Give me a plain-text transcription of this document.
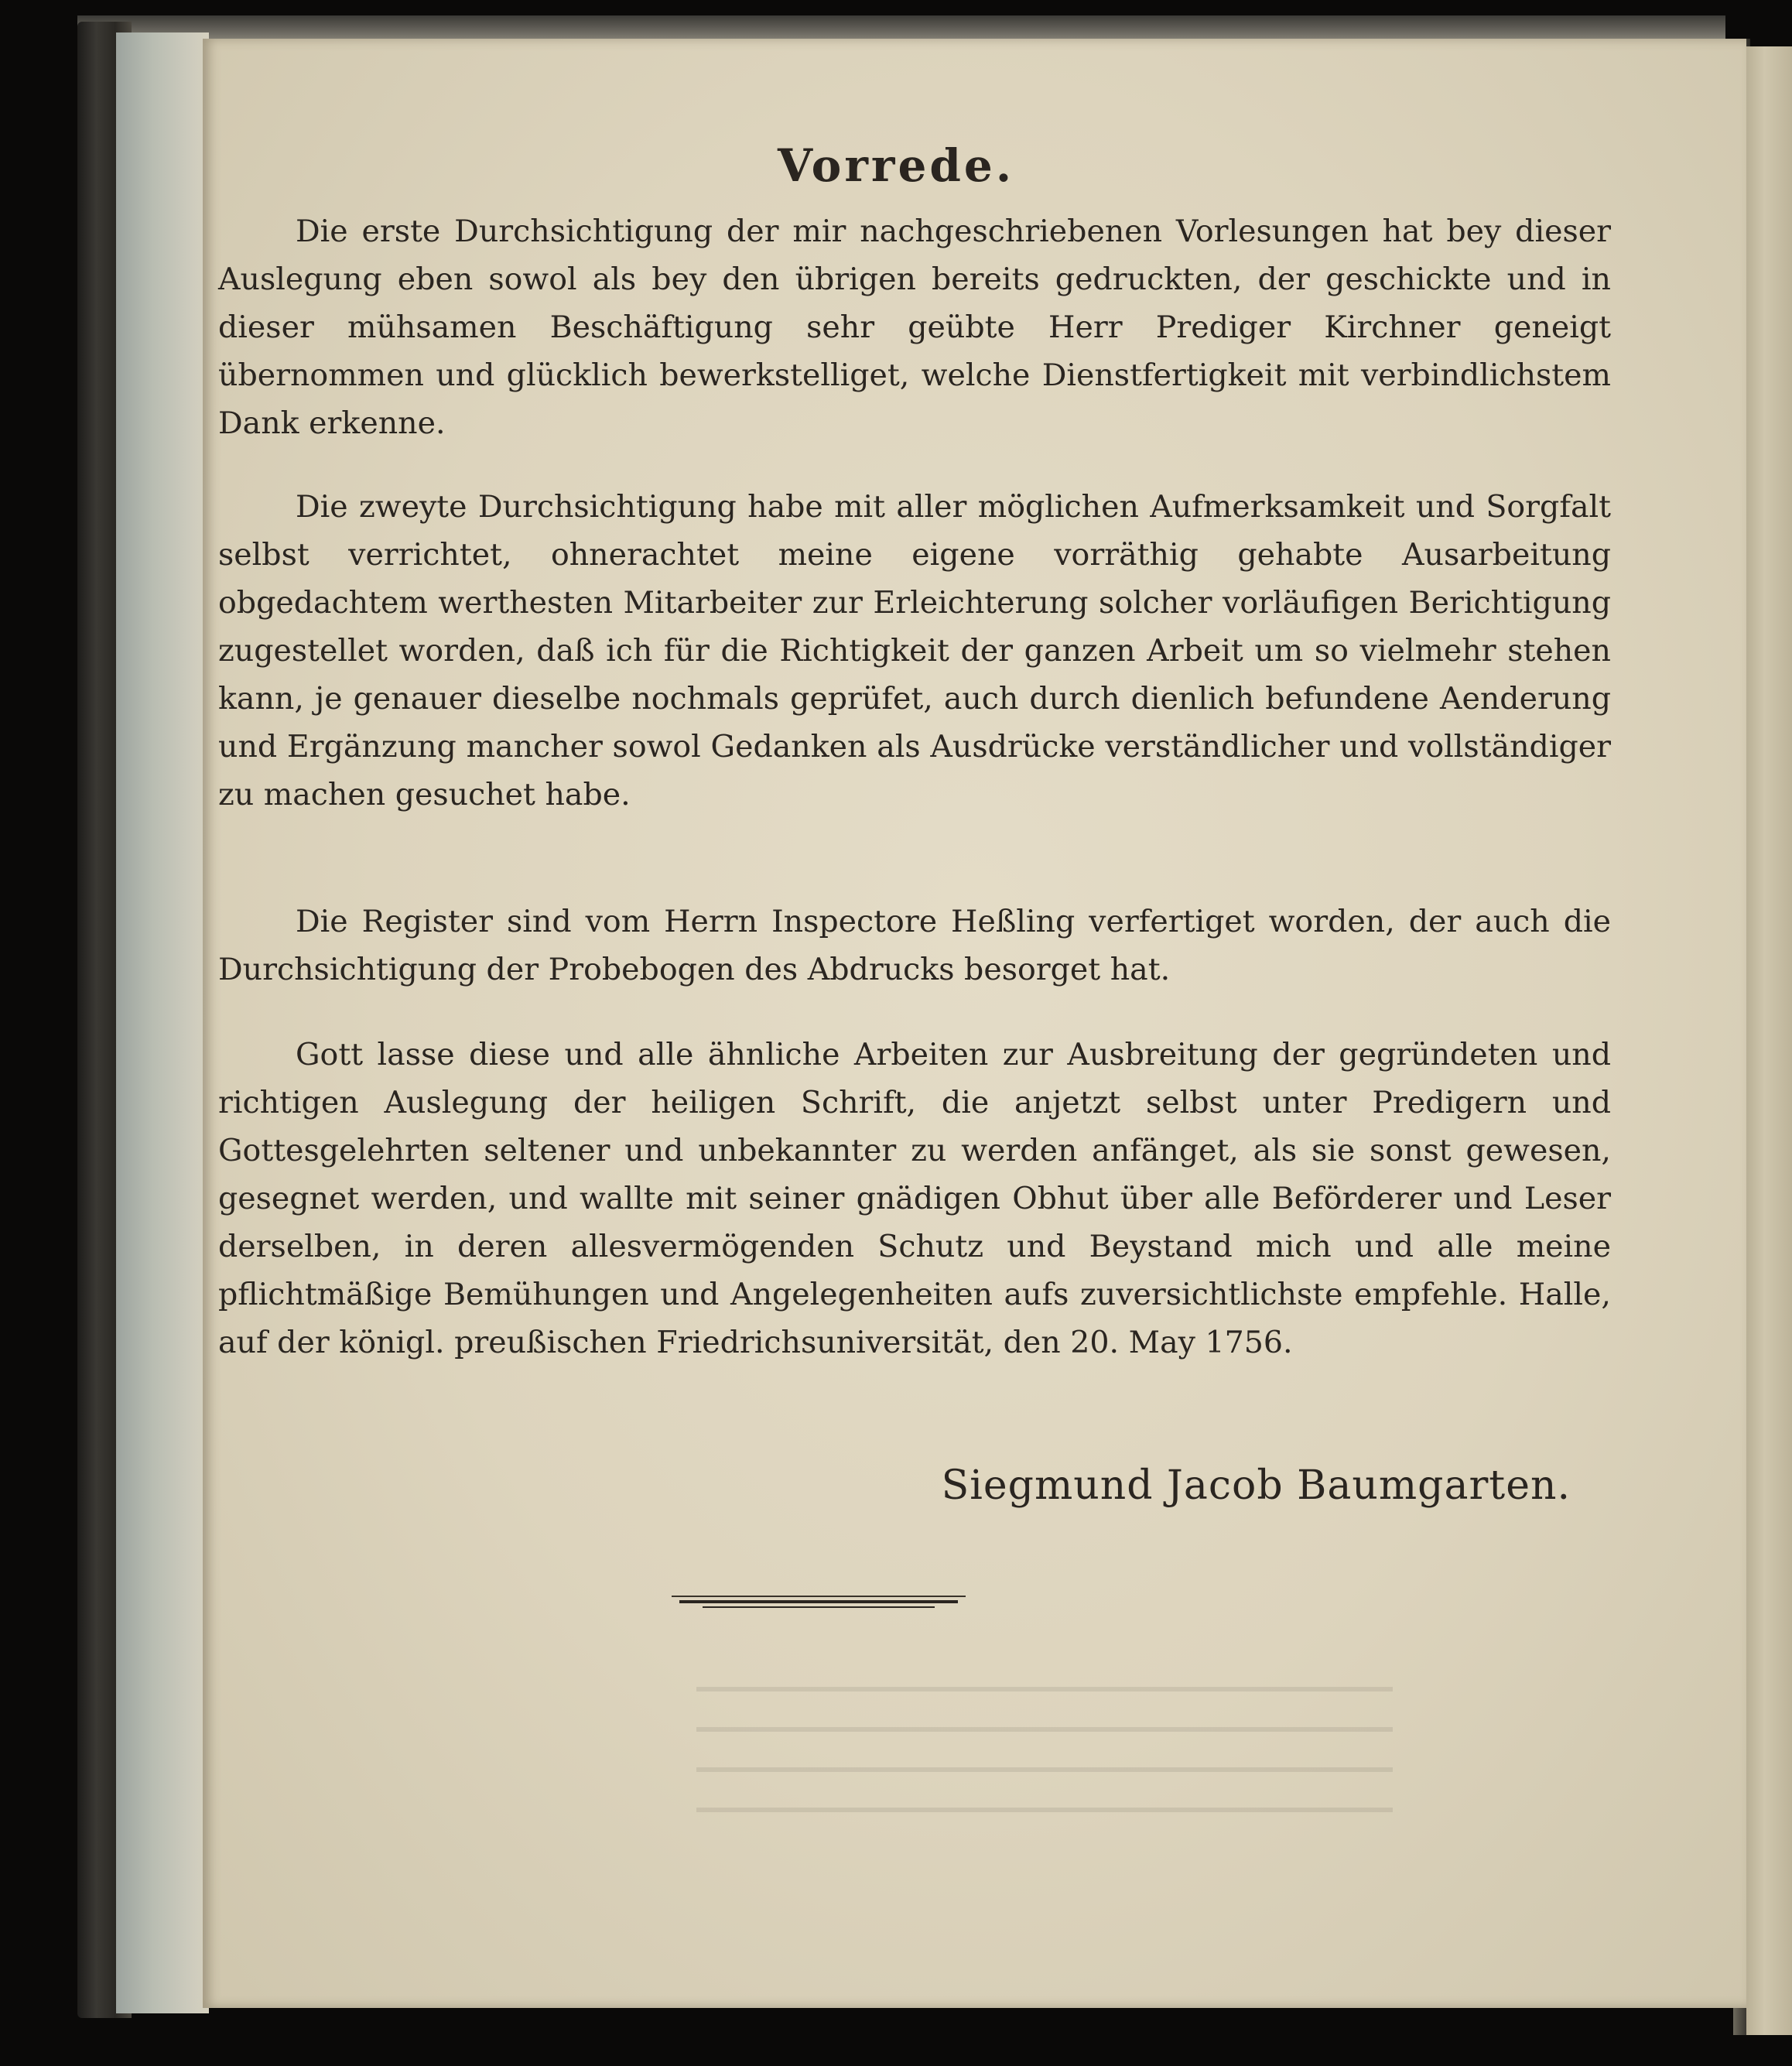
Vorrede.

Die erste Durchsichtigung der mir nachgeschriebenen Vorlesungen hat bey dieser Auslegung eben sowol als bey den übrigen bereits gedruckten, der geschickte und in dieser mühsamen Beschäftigung sehr geübte Herr Prediger Kirchner geneigt übernommen und glücklich bewerkstelliget, welche Dienstfertigkeit mit verbindlichstem Dank erkenne.

Die zweyte Durchsichtigung habe mit aller möglichen Aufmerksamkeit und Sorgfalt selbst verrichtet, ohnerachtet meine eigene vorräthig gehabte Ausarbeitung obgedachtem werthesten Mitarbeiter zur Erleichterung solcher vorläufigen Berichtigung zugestellet worden, daß ich für die Richtigkeit der ganzen Arbeit um so vielmehr stehen kann, je genauer dieselbe nochmals geprüfet, auch durch dienlich befundene Aenderung und Ergänzung mancher sowol Gedanken als Ausdrücke verständlicher und vollständiger zu machen gesuchet habe.

Die Register sind vom Herrn Inspectore Heßling verfertiget worden, der auch die Durchsichtigung der Probebogen des Abdrucks besorget hat.

Gott lasse diese und alle ähnliche Arbeiten zur Ausbreitung der gegründeten und richtigen Auslegung der heiligen Schrift, die anjetzt selbst unter Predigern und Gottesgelehrten seltener und unbekannter zu werden anfänget, als sie sonst gewesen, gesegnet werden, und wallte mit seiner gnädigen Obhut über alle Beförderer und Leser derselben, in deren allesvermögenden Schutz und Beystand mich und alle meine pflichtmäßige Bemühungen und Angelegenheiten aufs zuversichtlichste empfehle. Halle, auf der königl. preußischen Friedrichsuniversität, den 20. May 1756.

Siegmund Jacob Baumgarten.
